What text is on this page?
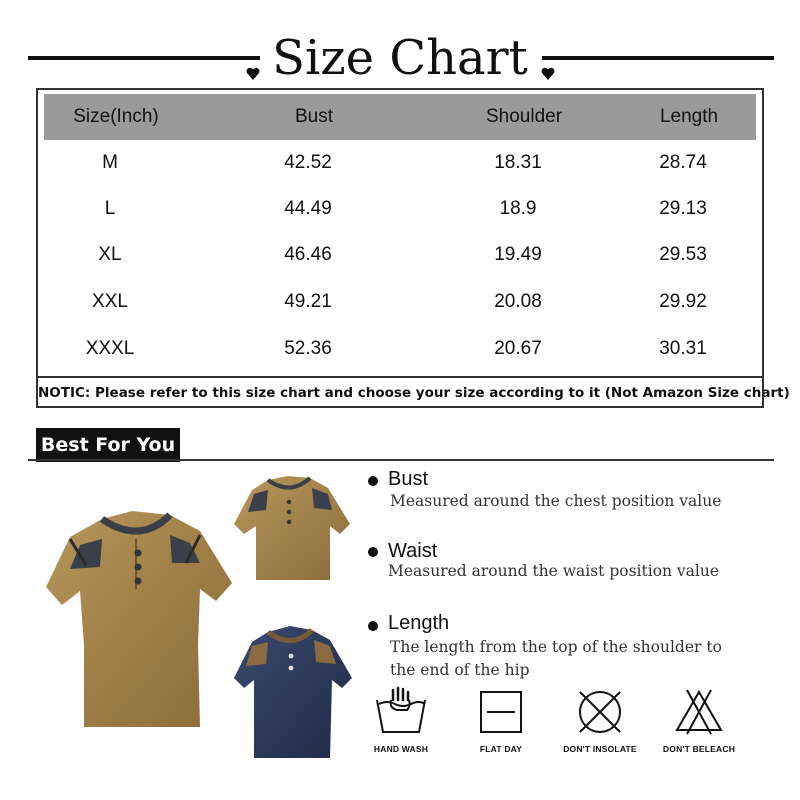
Size Chart
Size(Inch)	Bust	Shoulder	Length
M	42.52	18.31	28.74
L	44.49	18.9	29.13
XL	46.46	19.49	29.53
XXL	49.21	20.08	29.92
XXXL	52.36	20.67	30.31
NOTIC: Please refer to this size chart and choose your size according to it (Not Amazon Size chart)
Best For You
Bust
Measured around the chest position value
Waist
Measured around the waist position value
Length
The length from the top of the shoulder to
the end of the hip
HAND WASH	FLAT DAY	DON'T INSOLATE	DON'T BELEACH
